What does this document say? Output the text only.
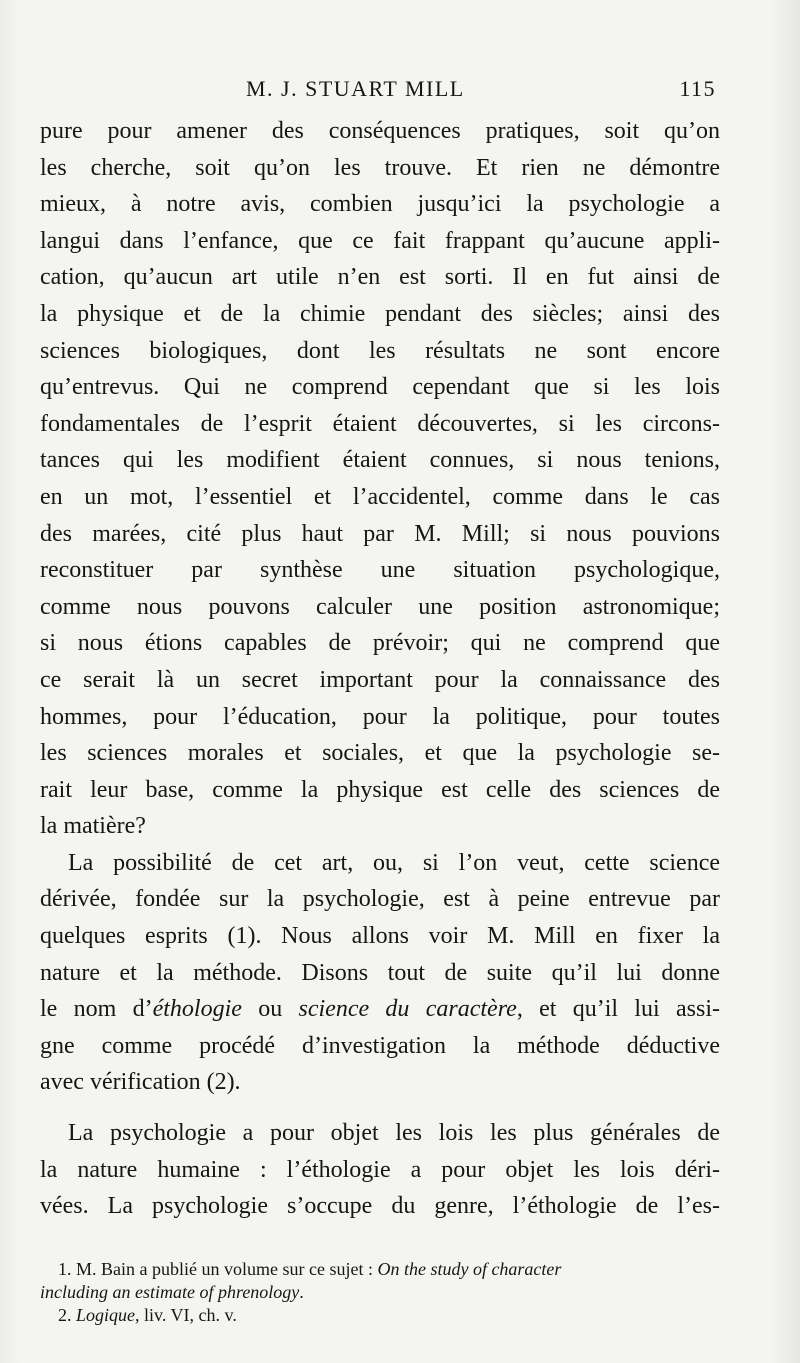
M. J. STUART MILL	115
pure pour amener des conséquences pratiques, soit qu’on
les cherche, soit qu’on les trouve. Et rien ne démontre
mieux, à notre avis, combien jusqu’ici la psychologie a
langui dans l’enfance, que ce fait frappant qu’aucune appli-
cation, qu’aucun art utile n’en est sorti. Il en fut ainsi de
la physique et de la chimie pendant des siècles; ainsi des
sciences biologiques, dont les résultats ne sont encore
qu’entrevus. Qui ne comprend cependant que si les lois
fondamentales de l’esprit étaient découvertes, si les circons-
tances qui les modifient étaient connues, si nous tenions,
en un mot, l’essentiel et l’accidentel, comme dans le cas
des marées, cité plus haut par M. Mill; si nous pouvions
reconstituer par synthèse une situation psychologique,
comme nous pouvons calculer une position astronomique;
si nous étions capables de prévoir; qui ne comprend que
ce serait là un secret important pour la connaissance des
hommes, pour l’éducation, pour la politique, pour toutes
les sciences morales et sociales, et que la psychologie se-
rait leur base, comme la physique est celle des sciences de
la matière?
La possibilité de cet art, ou, si l’on veut, cette science
dérivée, fondée sur la psychologie, est à peine entrevue par
quelques esprits (1). Nous allons voir M. Mill en fixer la
nature et la méthode. Disons tout de suite qu’il lui donne
le nom d’éthologie ou science du caractère, et qu’il lui assi-
gne comme procédé d’investigation la méthode déductive
avec vérification (2).
La psychologie a pour objet les lois les plus générales de
la nature humaine : l’éthologie a pour objet les lois déri-
vées. La psychologie s’occupe du genre, l’éthologie de l’es-
1. M. Bain a publié un volume sur ce sujet : On the study of character
including an estimate of phrenology.
2. Logique, liv. VI, ch. v.
